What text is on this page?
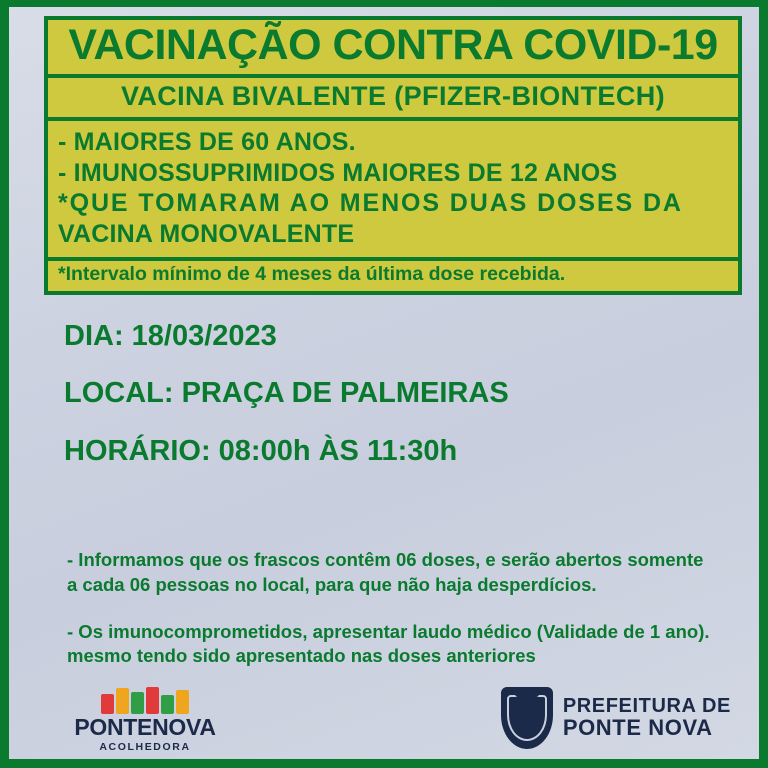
VACINAÇÃO CONTRA COVID-19
VACINA BIVALENTE (PFIZER-BIONTECH)
- MAIORES DE 60 ANOS.
- IMUNOSSUPRIMIDOS MAIORES DE 12 ANOS
*QUE TOMARAM AO MENOS DUAS DOSES DA
VACINA MONOVALENTE
*Intervalo mínimo de 4 meses da última dose recebida.
DIA: 18/03/2023
LOCAL: PRAÇA DE PALMEIRAS
HORÁRIO: 08:00h ÀS 11:30h

- Informamos que os frascos contêm 06 doses, e serão abertos somente a cada 06 pessoas no local, para que não haja desperdícios.

- Os imunocomprometidos, apresentar laudo médico (Validade de 1 ano). mesmo tendo sido apresentado nas doses anteriores

PONTENOVA
ACOLHEDORA
PREFEITURA DE
PONTE NOVA
